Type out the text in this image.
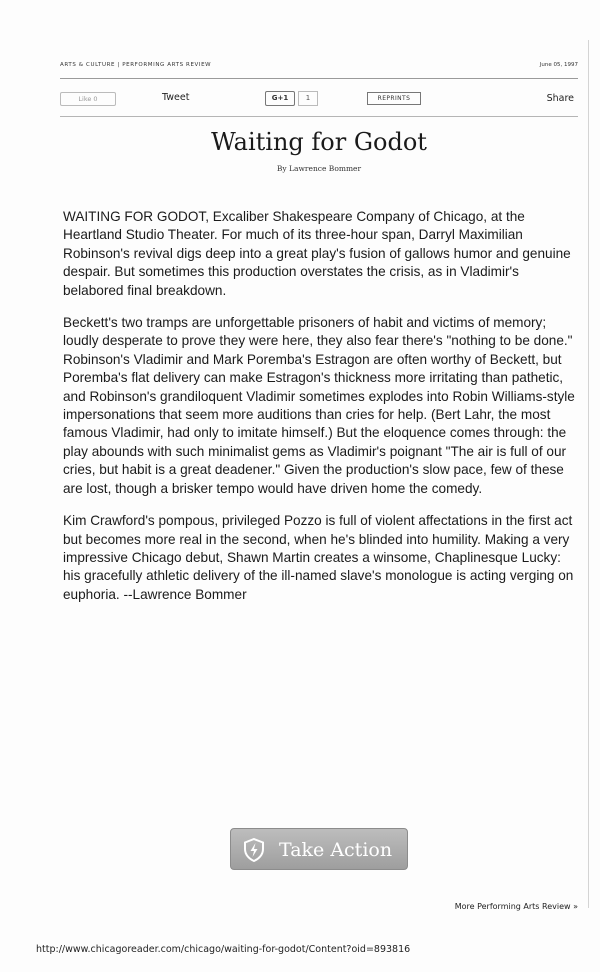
ARTS & CULTURE | PERFORMING ARTS REVIEW	June 05, 1997
Like 0	Tweet	G+1	1	REPRINTS	Share
Waiting for Godot
By Lawrence Bommer

WAITING FOR GODOT, Excaliber Shakespeare Company of Chicago, at the Heartland Studio Theater. For much of its three-hour span, Darryl Maximilian Robinson's revival digs deep into a great play's fusion of gallows humor and genuine despair. But sometimes this production overstates the crisis, as in Vladimir's belabored final breakdown.

Beckett's two tramps are unforgettable prisoners of habit and victims of memory; loudly desperate to prove they were here, they also fear there's "nothing to be done." Robinson's Vladimir and Mark Poremba's Estragon are often worthy of Beckett, but Poremba's flat delivery can make Estragon's thickness more irritating than pathetic, and Robinson's grandiloquent Vladimir sometimes explodes into Robin Williams-style impersonations that seem more auditions than cries for help. (Bert Lahr, the most famous Vladimir, had only to imitate himself.) But the eloquence comes through: the play abounds with such minimalist gems as Vladimir's poignant "The air is full of our cries, but habit is a great deadener." Given the production's slow pace, few of these are lost, though a brisker tempo would have driven home the comedy.

Kim Crawford's pompous, privileged Pozzo is full of violent affectations in the first act but becomes more real in the second, when he's blinded into humility. Making a very impressive Chicago debut, Shawn Martin creates a winsome, Chaplinesque Lucky: his gracefully athletic delivery of the ill-named slave's monologue is acting verging on euphoria. --Lawrence Bommer

Take Action
More Performing Arts Review »
http://www.chicagoreader.com/chicago/waiting-for-godot/Content?oid=893816
